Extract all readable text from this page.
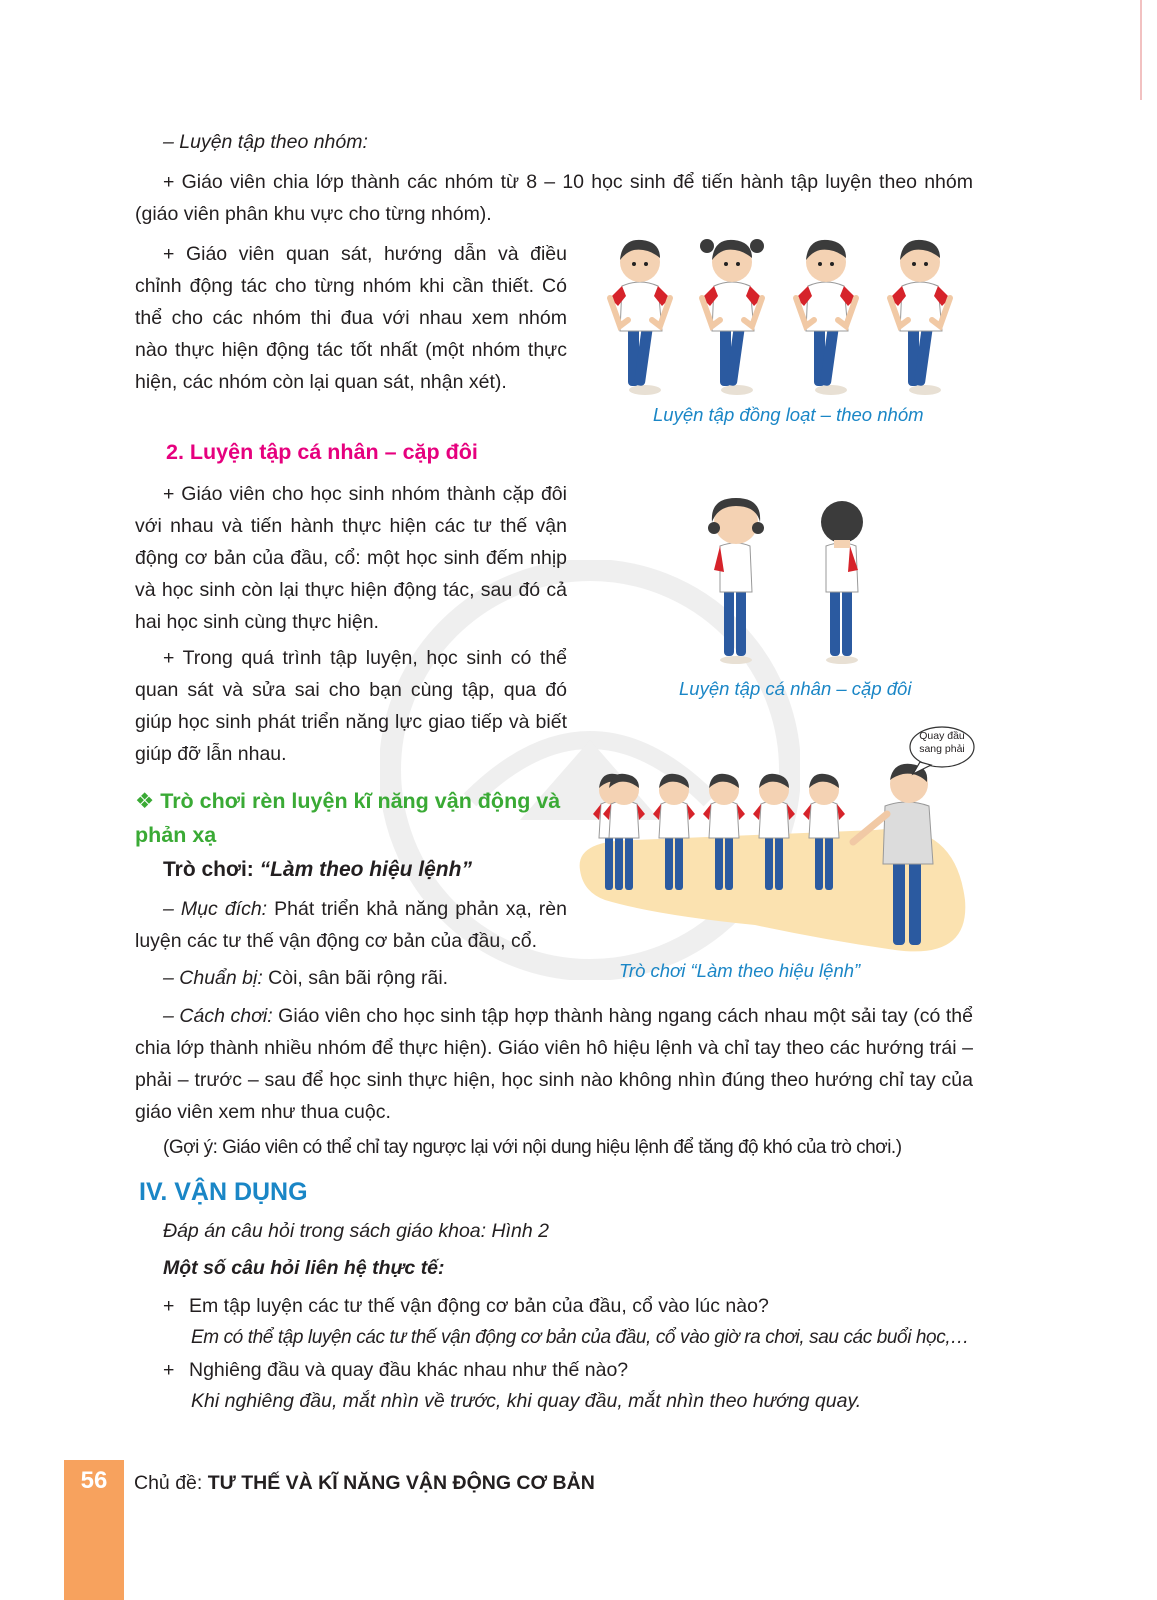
– Luyện tập theo nhóm:
+ Giáo viên chia lớp thành các nhóm từ 8 – 10 học sinh để tiến hành tập luyện theo nhóm (giáo viên phân khu vực cho từng nhóm).
+ Giáo viên quan sát, hướng dẫn và điều chỉnh động tác cho từng nhóm khi cần thiết. Có thể cho các nhóm thi đua với nhau xem nhóm nào thực hiện động tác tốt nhất (một nhóm thực hiện, các nhóm còn lại quan sát, nhận xét).
Luyện tập đồng loạt – theo nhóm
2. Luyện tập cá nhân – cặp đôi
+ Giáo viên cho học sinh nhóm thành cặp đôi với nhau và tiến hành thực hiện các tư thế vận động cơ bản của đầu, cổ: một học sinh đếm nhịp và học sinh còn lại thực hiện động tác, sau đó cả hai học sinh cùng thực hiện.
+ Trong quá trình tập luyện, học sinh có thể quan sát và sửa sai cho bạn cùng tập, qua đó giúp học sinh phát triển năng lực giao tiếp và biết giúp đỡ lẫn nhau.
Luyện tập cá nhân – cặp đôi
Quay đầu sang phải
❖ Trò chơi rèn luyện kĩ năng vận động và phản xạ
Trò chơi: “Làm theo hiệu lệnh”
– Mục đích: Phát triển khả năng phản xạ, rèn luyện các tư thế vận động cơ bản của đầu, cổ.
– Chuẩn bị: Còi, sân bãi rộng rãi.	Trò chơi “Làm theo hiệu lệnh”
– Cách chơi: Giáo viên cho học sinh tập hợp thành hàng ngang cách nhau một sải tay (có thể chia lớp thành nhiều nhóm để thực hiện). Giáo viên hô hiệu lệnh và chỉ tay theo các hướng trái – phải – trước – sau để học sinh thực hiện, học sinh nào không nhìn đúng theo hướng chỉ tay của giáo viên xem như thua cuộc.
(Gợi ý: Giáo viên có thể chỉ tay ngược lại với nội dung hiệu lệnh để tăng độ khó của trò chơi.)
IV. VẬN DỤNG
Đáp án câu hỏi trong sách giáo khoa: Hình 2
Một số câu hỏi liên hệ thực tế:
+ Em tập luyện các tư thế vận động cơ bản của đầu, cổ vào lúc nào?
Em có thể tập luyện các tư thế vận động cơ bản của đầu, cổ vào giờ ra chơi, sau các buổi học,…
+ Nghiêng đầu và quay đầu khác nhau như thế nào?
Khi nghiêng đầu, mắt nhìn về trước, khi quay đầu, mắt nhìn theo hướng quay.
56	Chủ đề: TƯ THẾ VÀ KĨ NĂNG VẬN ĐỘNG CƠ BẢN
